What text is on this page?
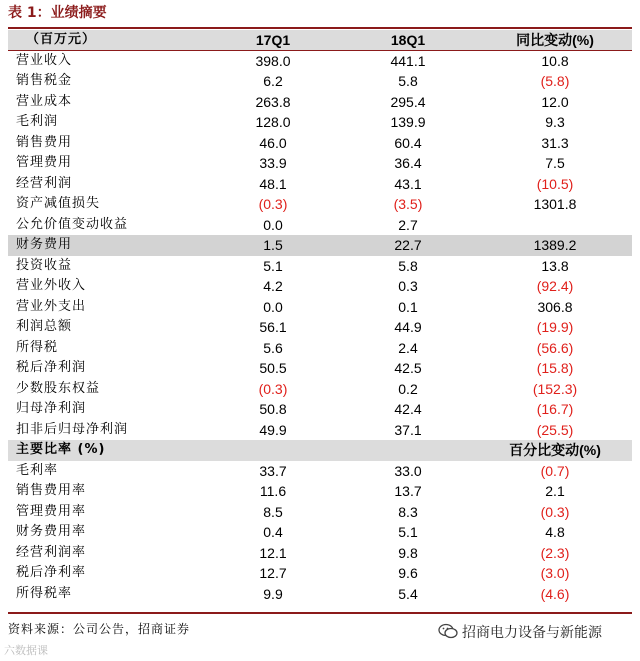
表 1：业绩摘要
（百万元）	17Q1	18Q1	同比变动(%)
营业收入	398.0	441.1	10.8
销售税金	6.2	5.8	(5.8)
营业成本	263.8	295.4	12.0
毛利润	128.0	139.9	9.3
销售费用	46.0	60.4	31.3
管理费用	33.9	36.4	7.5
经营利润	48.1	43.1	(10.5)
资产减值损失	(0.3)	(3.5)	1301.8
公允价值变动收益	0.0	2.7	
财务费用	1.5	22.7	1389.2
投资收益	5.1	5.8	13.8
营业外收入	4.2	0.3	(92.4)
营业外支出	0.0	0.1	306.8
利润总额	56.1	44.9	(19.9)
所得税	5.6	2.4	(56.6)
税后净利润	50.5	42.5	(15.8)
少数股东权益	(0.3)	0.2	(152.3)
归母净利润	50.8	42.4	(16.7)
扣非后归母净利润	49.9	37.1	(25.5)
主要比率 (%)			百分比变动(%)
毛利率	33.7	33.0	(0.7)
销售费用率	11.6	13.7	2.1
管理费用率	8.5	8.3	(0.3)
财务费用率	0.4	5.1	4.8
经营利润率	12.1	9.8	(2.3)
税后净利率	12.7	9.6	(3.0)
所得税率	9.9	5.4	(4.6)
资料来源：公司公告，招商证券	招商电力设备与新能源
六数据课
